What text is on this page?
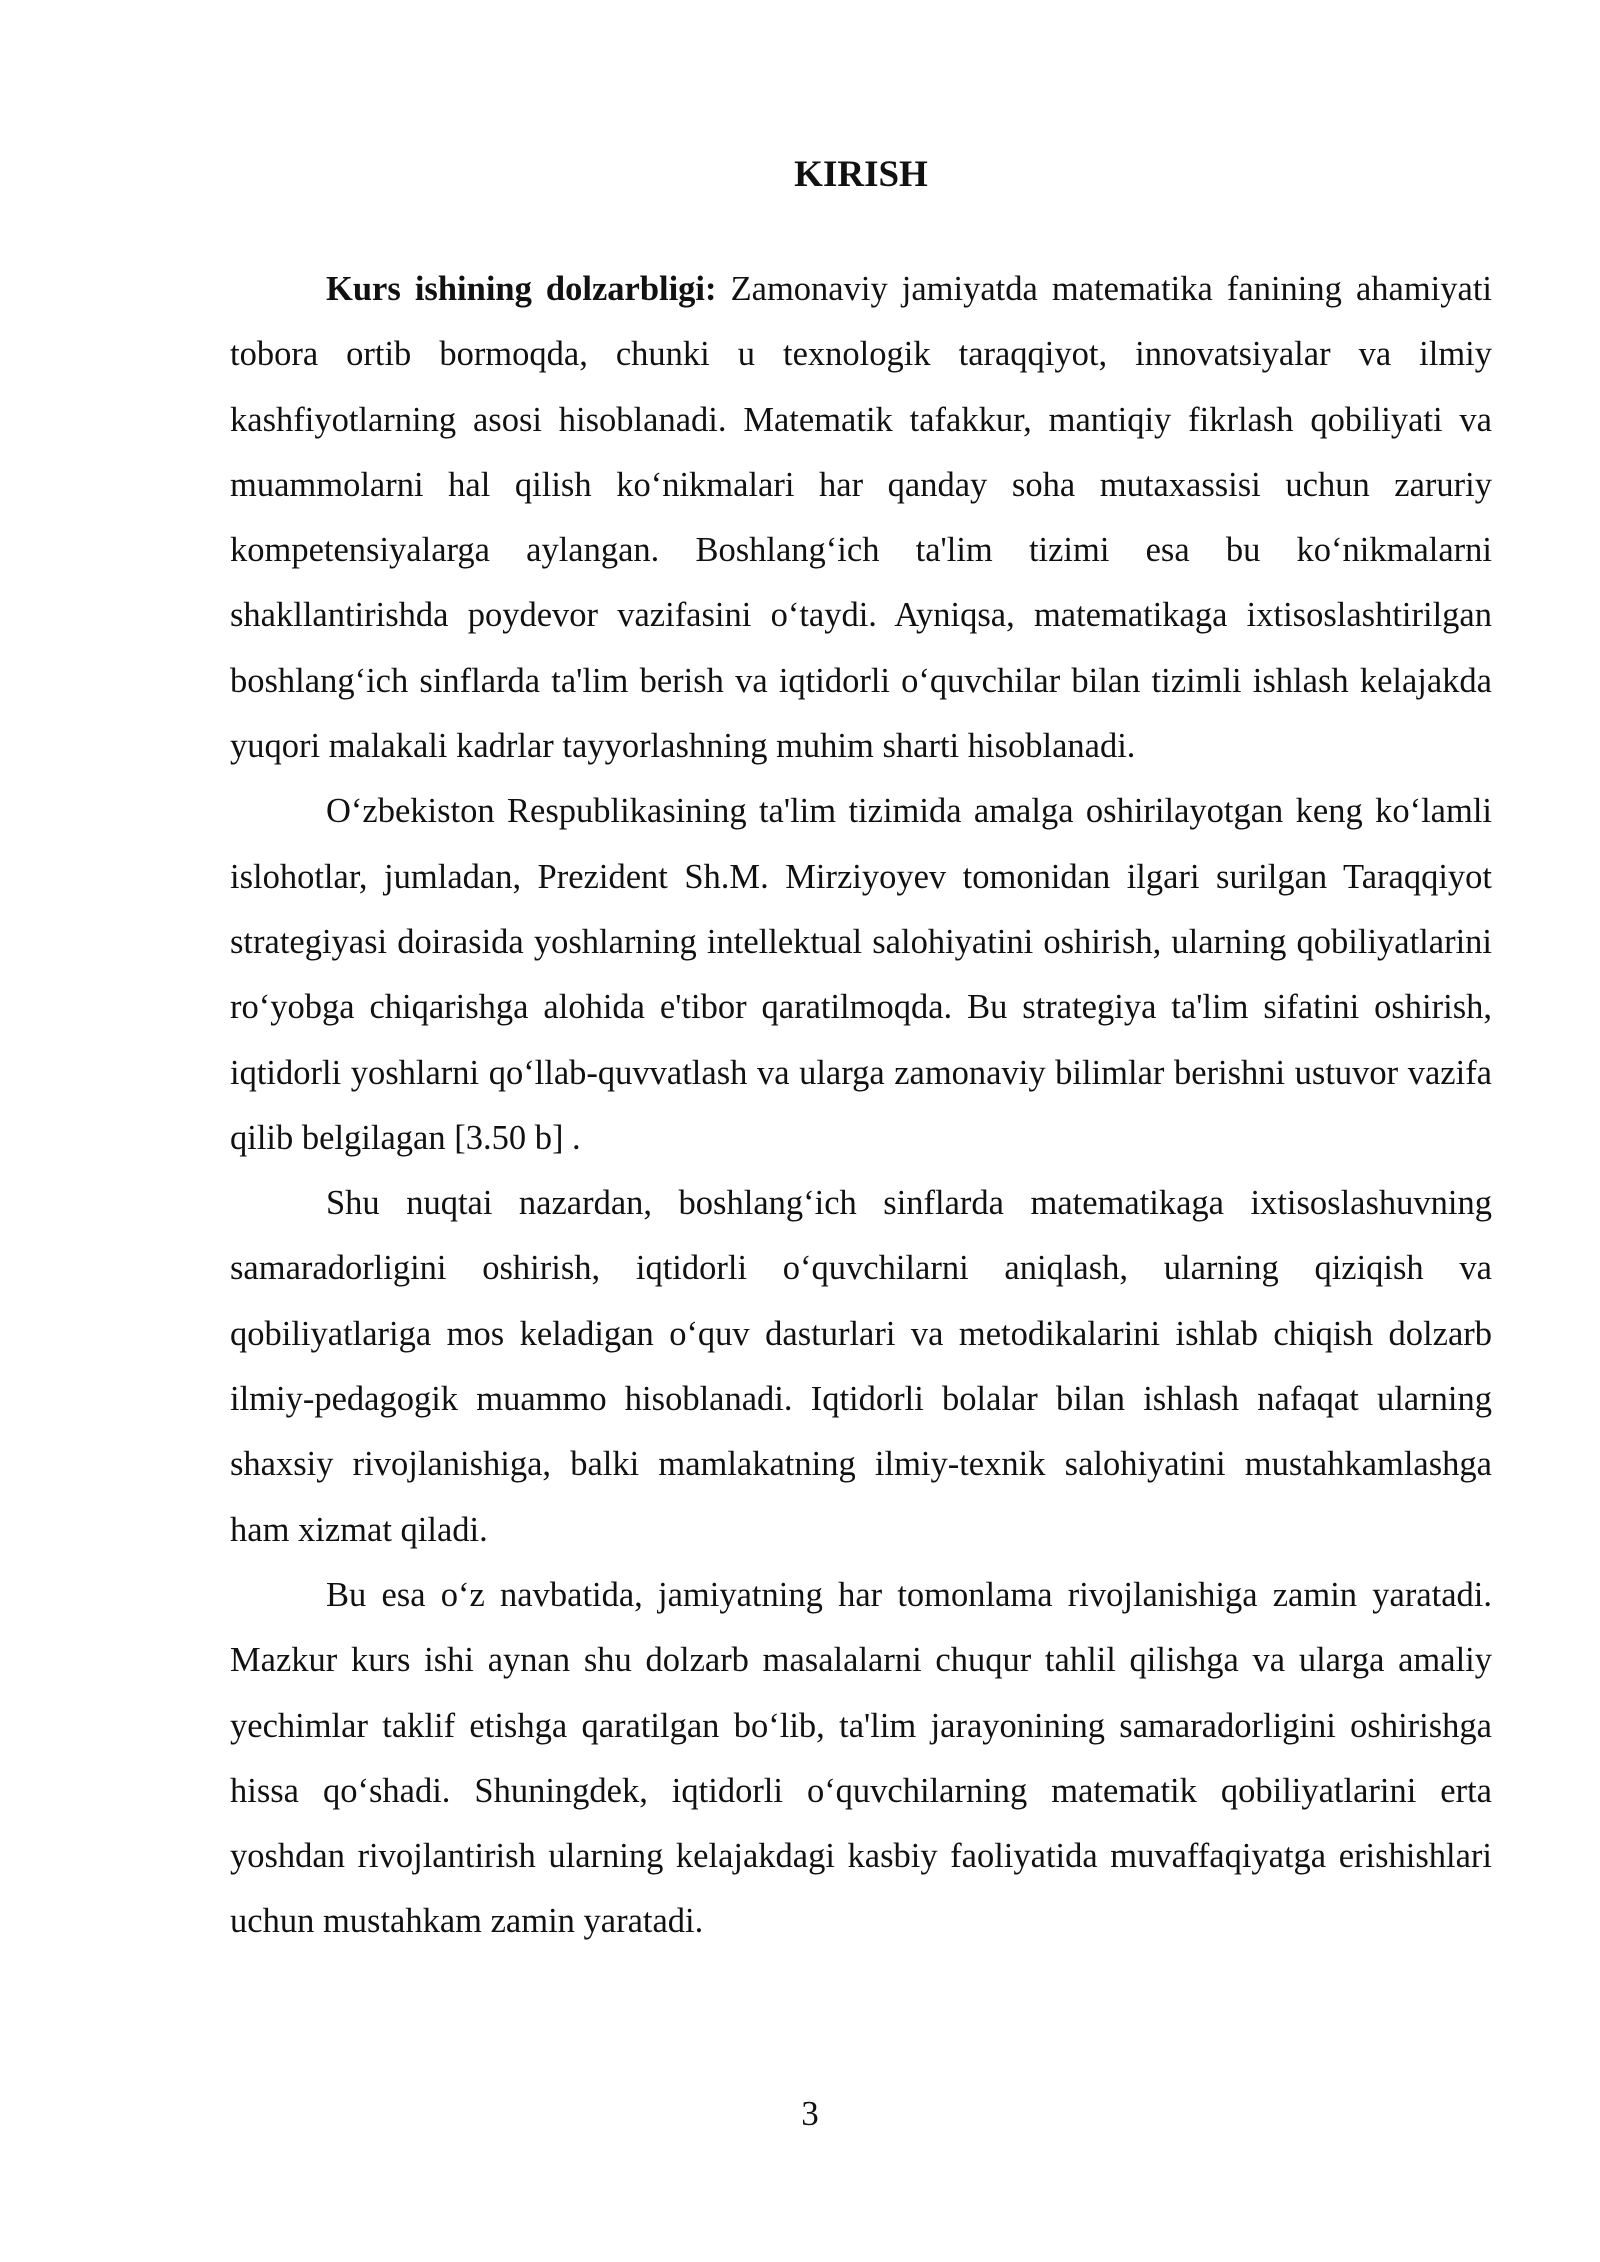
KIRISH

Kurs ishining dolzarbligi: Zamonaviy jamiyatda matematika fanining ahamiyati tobora ortib bormoqda, chunki u texnologik taraqqiyot, innovatsiyalar va ilmiy kashfiyotlarning asosi hisoblanadi. Matematik tafakkur, mantiqiy fikrlash qobiliyati va muammolarni hal qilish ko‘nikmalari har qanday soha mutaxassisi uchun zaruriy kompetensiyalarga aylangan. Boshlang‘ich ta'lim tizimi esa bu ko‘nikmalarni shakllantirishda poydevor vazifasini o‘taydi. Ayniqsa, matematikaga ixtisoslashtirilgan boshlang‘ich sinflarda ta'lim berish va iqtidorli o‘quvchilar bilan tizimli ishlash kelajakda yuqori malakali kadrlar tayyorlashning muhim sharti hisoblanadi.

O‘zbekiston Respublikasining ta'lim tizimida amalga oshirilayotgan keng ko‘lamli islohotlar, jumladan, Prezident Sh.M. Mirziyoyev tomonidan ilgari surilgan Taraqqiyot strategiyasi doirasida yoshlarning intellektual salohiyatini oshirish, ularning qobiliyatlarini ro‘yobga chiqarishga alohida e'tibor qaratilmoqda. Bu strategiya ta'lim sifatini oshirish, iqtidorli yoshlarni qo‘llab-quvvatlash va ularga zamonaviy bilimlar berishni ustuvor vazifa qilib belgilagan [3.50 b] .

Shu nuqtai nazardan, boshlang‘ich sinflarda matematikaga ixtisoslashuvning samaradorligini oshirish, iqtidorli o‘quvchilarni aniqlash, ularning qiziqish va qobiliyatlariga mos keladigan o‘quv dasturlari va metodikalarini ishlab chiqish dolzarb ilmiy-pedagogik muammo hisoblanadi. Iqtidorli bolalar bilan ishlash nafaqat ularning shaxsiy rivojlanishiga, balki mamlakatning ilmiy-texnik salohiyatini mustahkamlashga ham xizmat qiladi.

Bu esa o‘z navbatida, jamiyatning har tomonlama rivojlanishiga zamin yaratadi. Mazkur kurs ishi aynan shu dolzarb masalalarni chuqur tahlil qilishga va ularga amaliy yechimlar taklif etishga qaratilgan bo‘lib, ta'lim jarayonining samaradorligini oshirishga hissa qo‘shadi. Shuningdek, iqtidorli o‘quvchilarning matematik qobiliyatlarini erta yoshdan rivojlantirish ularning kelajakdagi kasbiy faoliyatida muvaffaqiyatga erishishlari uchun mustahkam zamin yaratadi.

3
